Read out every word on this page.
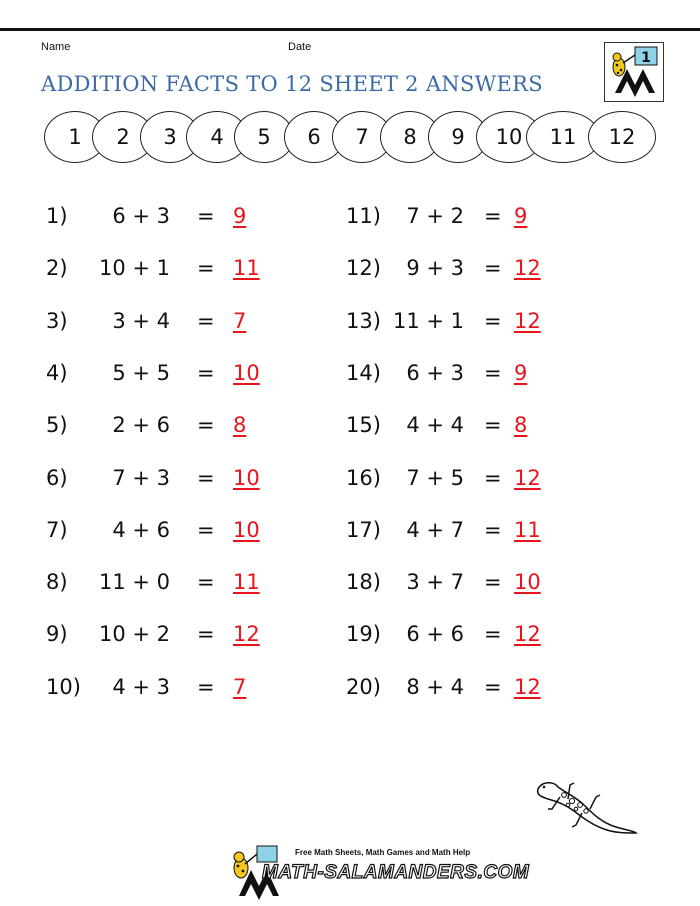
Name	Date
ADDITION FACTS TO 12 SHEET 2 ANSWERS
1
1	2	3	4	5	6	7	8	9	10	11	12
1) 6 + 3 = 9
2) 10 + 1 = 11
3) 3 + 4 = 7
4) 5 + 5 = 10
5) 2 + 6 = 8
6) 7 + 3 = 10
7) 4 + 6 = 10
8) 11 + 0 = 11
9) 10 + 2 = 12
10) 4 + 3 = 7
11) 7 + 2 = 9
12) 9 + 3 = 12
13) 11 + 1 = 12
14) 6 + 3 = 9
15) 4 + 4 = 8
16) 7 + 5 = 12
17) 4 + 7 = 11
18) 3 + 7 = 10
19) 6 + 6 = 12
20) 8 + 4 = 12
Free Math Sheets, Math Games and Math Help
MATH-SALAMANDERS.COM
